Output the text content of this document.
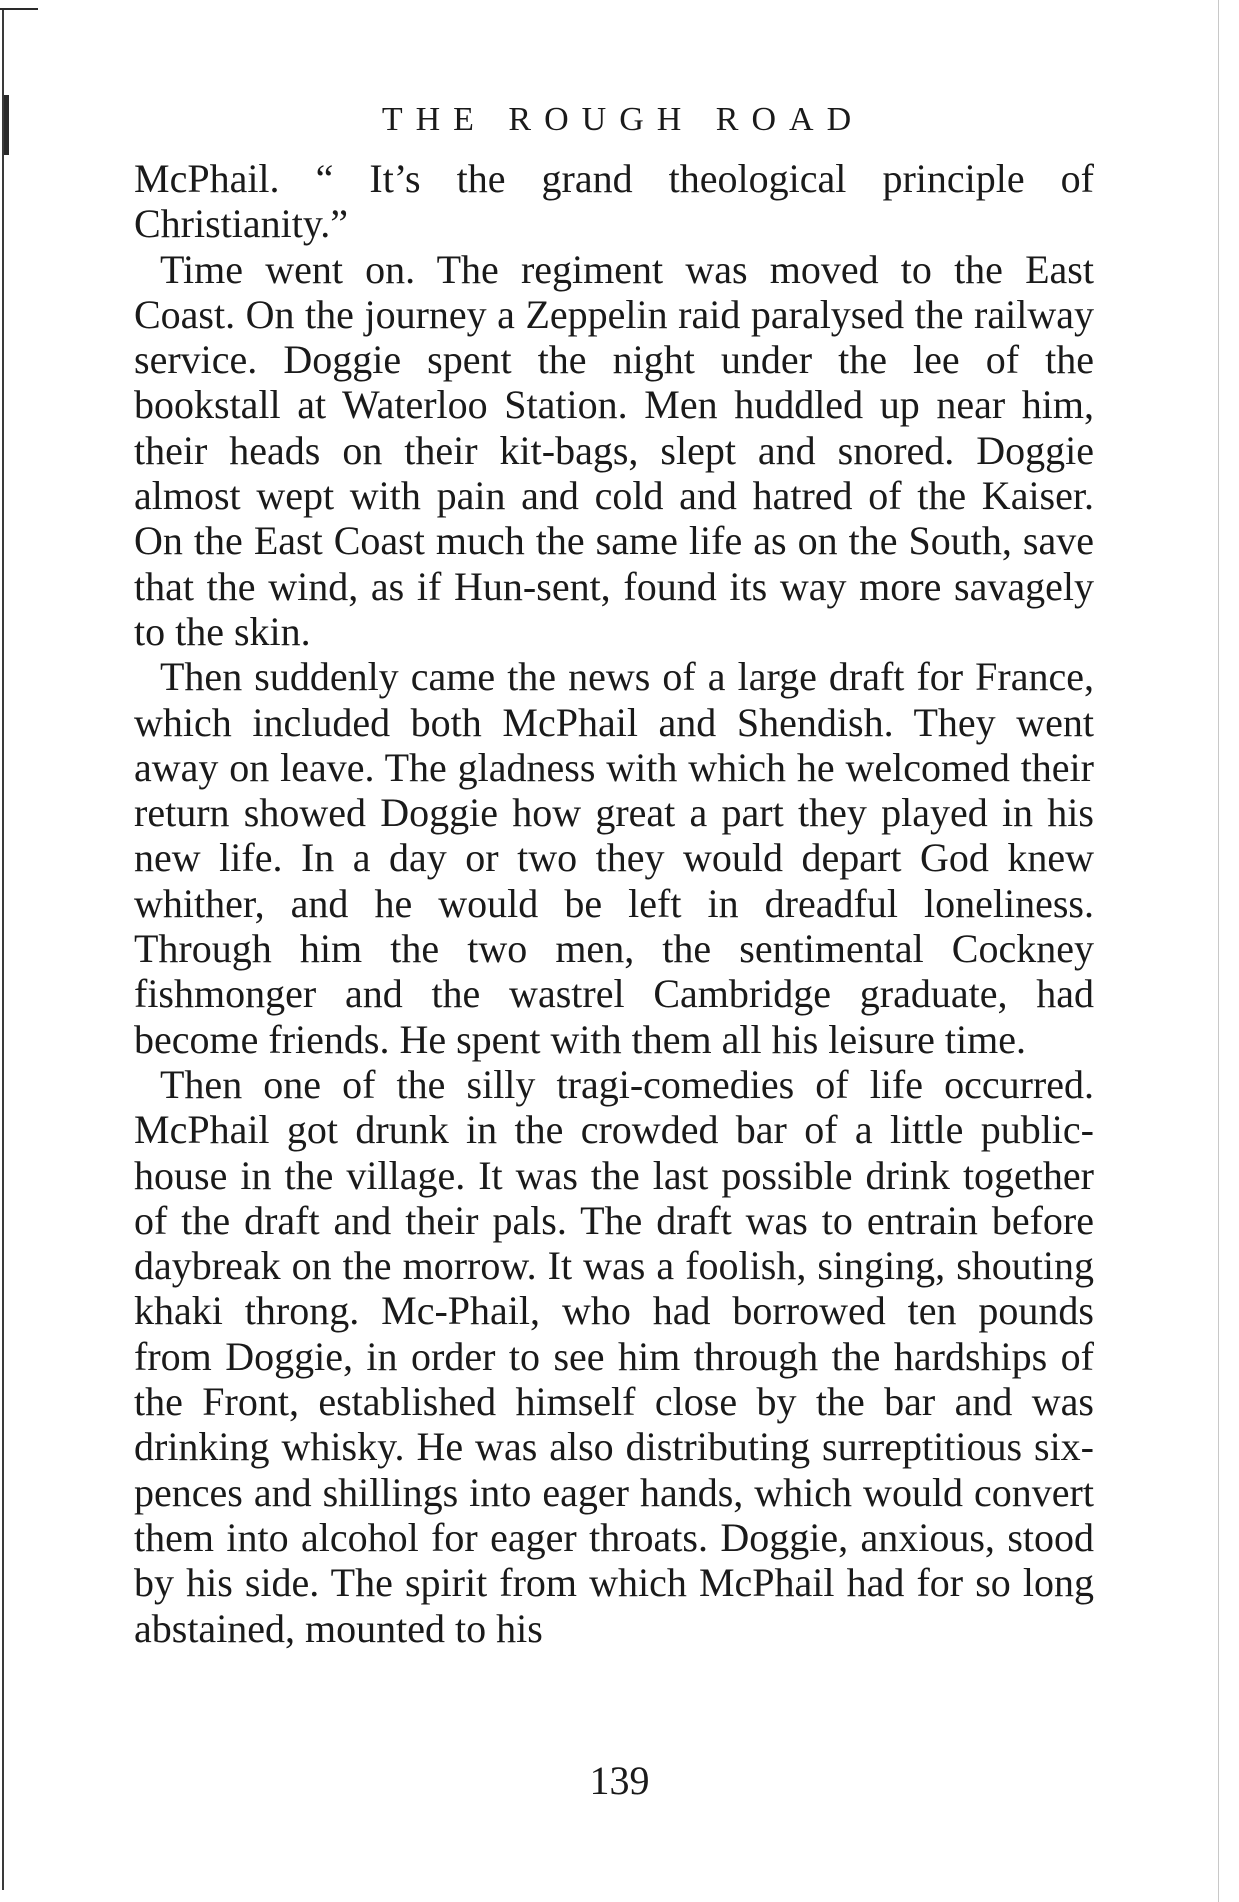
THE ROUGH ROAD

McPhail. “ It’s the grand theological principle of Christianity.”

Time went on. The regiment was moved to the East Coast. On the journey a Zeppelin raid paralysed the railway service. Doggie spent the night under the lee of the bookstall at Waterloo Station. Men huddled up near him, their heads on their kit-bags, slept and snored. Doggie almost wept with pain and cold and hatred of the Kaiser. On the East Coast much the same life as on the South, save that the wind, as if Hun-sent, found its way more savagely to the skin.

Then suddenly came the news of a large draft for France, which included both McPhail and Shendish. They went away on leave. The gladness with which he welcomed their return showed Doggie how great a part they played in his new life. In a day or two they would depart God knew whither, and he would be left in dreadful loneliness. Through him the two men, the sentimental Cockney fishmonger and the wastrel Cambridge graduate, had become friends. He spent with them all his leisure time.

Then one of the silly tragi-comedies of life occurred. McPhail got drunk in the crowded bar of a little public-house in the village. It was the last possible drink together of the draft and their pals. The draft was to entrain before daybreak on the morrow. It was a foolish, singing, shouting khaki throng. Mc-Phail, who had borrowed ten pounds from Doggie, in order to see him through the hardships of the Front, established himself close by the bar and was drinking whisky. He was also distributing surreptitious six-pences and shillings into eager hands, which would convert them into alcohol for eager throats. Doggie, anxious, stood by his side. The spirit from which McPhail had for so long abstained, mounted to his

139
